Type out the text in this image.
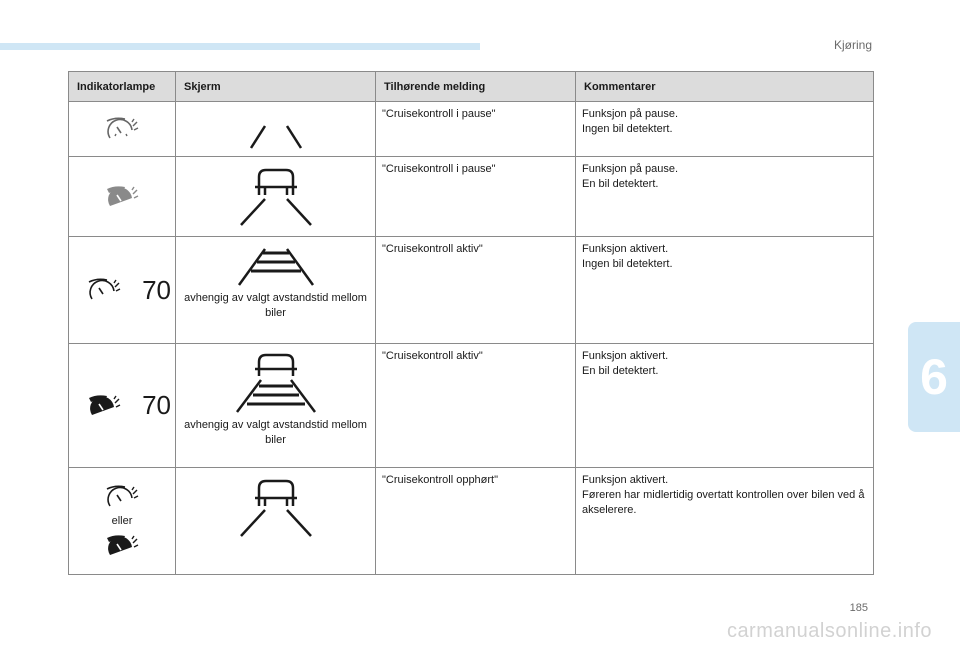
Kjøring
6
Indikatorlampe	Skjerm	Tilhørende melding	Kommentarer

	"Cruisekontroll i pause"	Funksjon på pause.
Ingen bil detektert.

	"Cruisekontroll i pause"	Funksjon på pause.
En bil detektert.

70	avhengig av valgt avstandstid mellom biler	"Cruisekontroll aktiv"	Funksjon aktivert.
Ingen bil detektert.

70	avhengig av valgt avstandstid mellom biler	"Cruisekontroll aktiv"	Funksjon aktivert.
En bil detektert.

eller		"Cruisekontroll opphørt"	Funksjon aktivert.
Føreren har midlertidig overtatt kontrollen over bilen ved å akselerere.
185
carmanualsonline.info
